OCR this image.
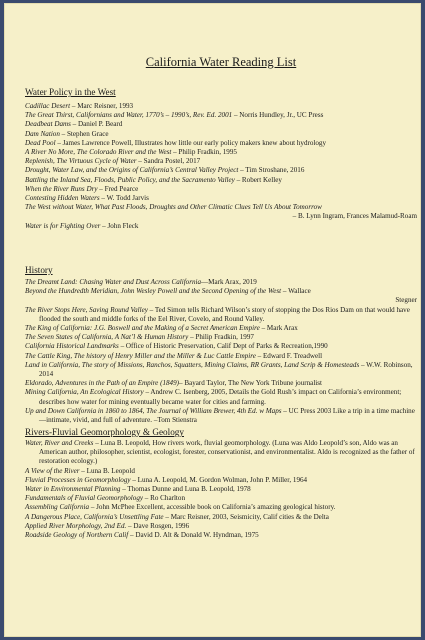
California Water Reading List
Water Policy in the West

Cadillac Desert – Marc Reisner, 1993

The Great Thirst, Californians and Water, 1770’s – 1990’s, Rev. Ed. 2001 – Norris Hundley, Jr., UC Press

Deadbeat Dams – Daniel P. Beard

Dam Nation – Stephen Grace

Dead Pool – James Lawrence Powell, Illustrates how little our early policy makers knew about hydrology

A River No More, The Colorado River and the West – Philip Fradkin, 1995

Replenish, The Virtuous Cycle of Water – Sandra Postel, 2017

Drought, Water Law, and the Origins of California’s Central Valley Project – Tim Stroshane, 2016

Battling the Inland Sea, Floods, Public Policy, and the Sacramento Valley – Robert Kelley

When the River Runs Dry – Fred Pearce

Contesting Hidden Waters – W. Todd Jarvis

The West without Water, What Past Floods, Droughts and Other Climatic Clues Tell Us About Tomorrow

– B. Lynn Ingram, Frances Malamud-Roam

Water is for Fighting Over – John Fleck

History

The Dreamt Land: Chasing Water and Dust Across California—Mark Arax, 2019

Beyond the Hundredth Meridian, John Wesley Powell and the Second Opening of the West – Wallace

Stegner

The River Stops Here, Saving Round Valley – Ted Simon tells Richard Wilson’s story of stopping the Dos Rios Dam on that would have flooded the south and middle forks of the Eel River, Covelo, and Round Valley.

The King of California: J.G. Boswell and the Making of a Secret American Empire – Mark Arax

The Seven States of California, A Nat’l & Human History – Philip Fradkin, 1997

California Historical Landmarks – Office of Historic Preservation, Calif Dept of Parks & Recreation,1990

The Cattle King, The history of Henry Miller and the Miller & Luc Cattle Empire – Edward F. Treadwell

Land in California, The story of Missions, Ranchos, Squatters, Mining Claims, RR Grants, Land Scrip & Homesteads – W.W. Robinson, 2014

Eldorado, Adventures in the Path of an Empire (1849)– Bayard Taylor, The New York Tribune journalist

Mining California, An Ecological History – Andrew C. Isenberg, 2005, Details the Gold Rush’s impact on California’s environment; describes how water for mining eventually became water for cities and farming.

Up and Down California in 1860 to 1864, The Journal of William Brewer, 4th Ed. w Maps – UC Press 2003 Like a trip in a time machine—intimate, vivid, and full of adventure. –Tom Stienstra

Rivers-Fluvial Geomorphology & Geology

Water, River and Creeks – Luna B. Leopold, How rivers work, fluvial geomorphology. (Luna was Aldo Leopold’s son, Aldo was an American author, philosopher, scientist, ecologist, forester, conservationist, and environmentalist. Aldo is recognized as the father of restoration ecology.)

A View of the River – Luna B. Leopold

Fluvial Processes in Geomorphology – Luna A. Leopold, M. Gordon Wolman, John P. Miller, 1964

Water in Environmental Planning – Thomas Dunne and Luna B. Leopold, 1978

Fundamentals of Fluvial Geomorphology – Ro Charlton

Assembling California – John McPhee Excellent, accessible book on California’s amazing geological history.

A Dangerous Place, California’s Unsettling Fate – Marc Reisner, 2003, Seismicity, Calif cities & the Delta

Applied River Morphology, 2nd Ed. – Dave Rosgen, 1996

Roadside Geology of Northern Calif – David D. Alt & Donald W. Hyndman, 1975
